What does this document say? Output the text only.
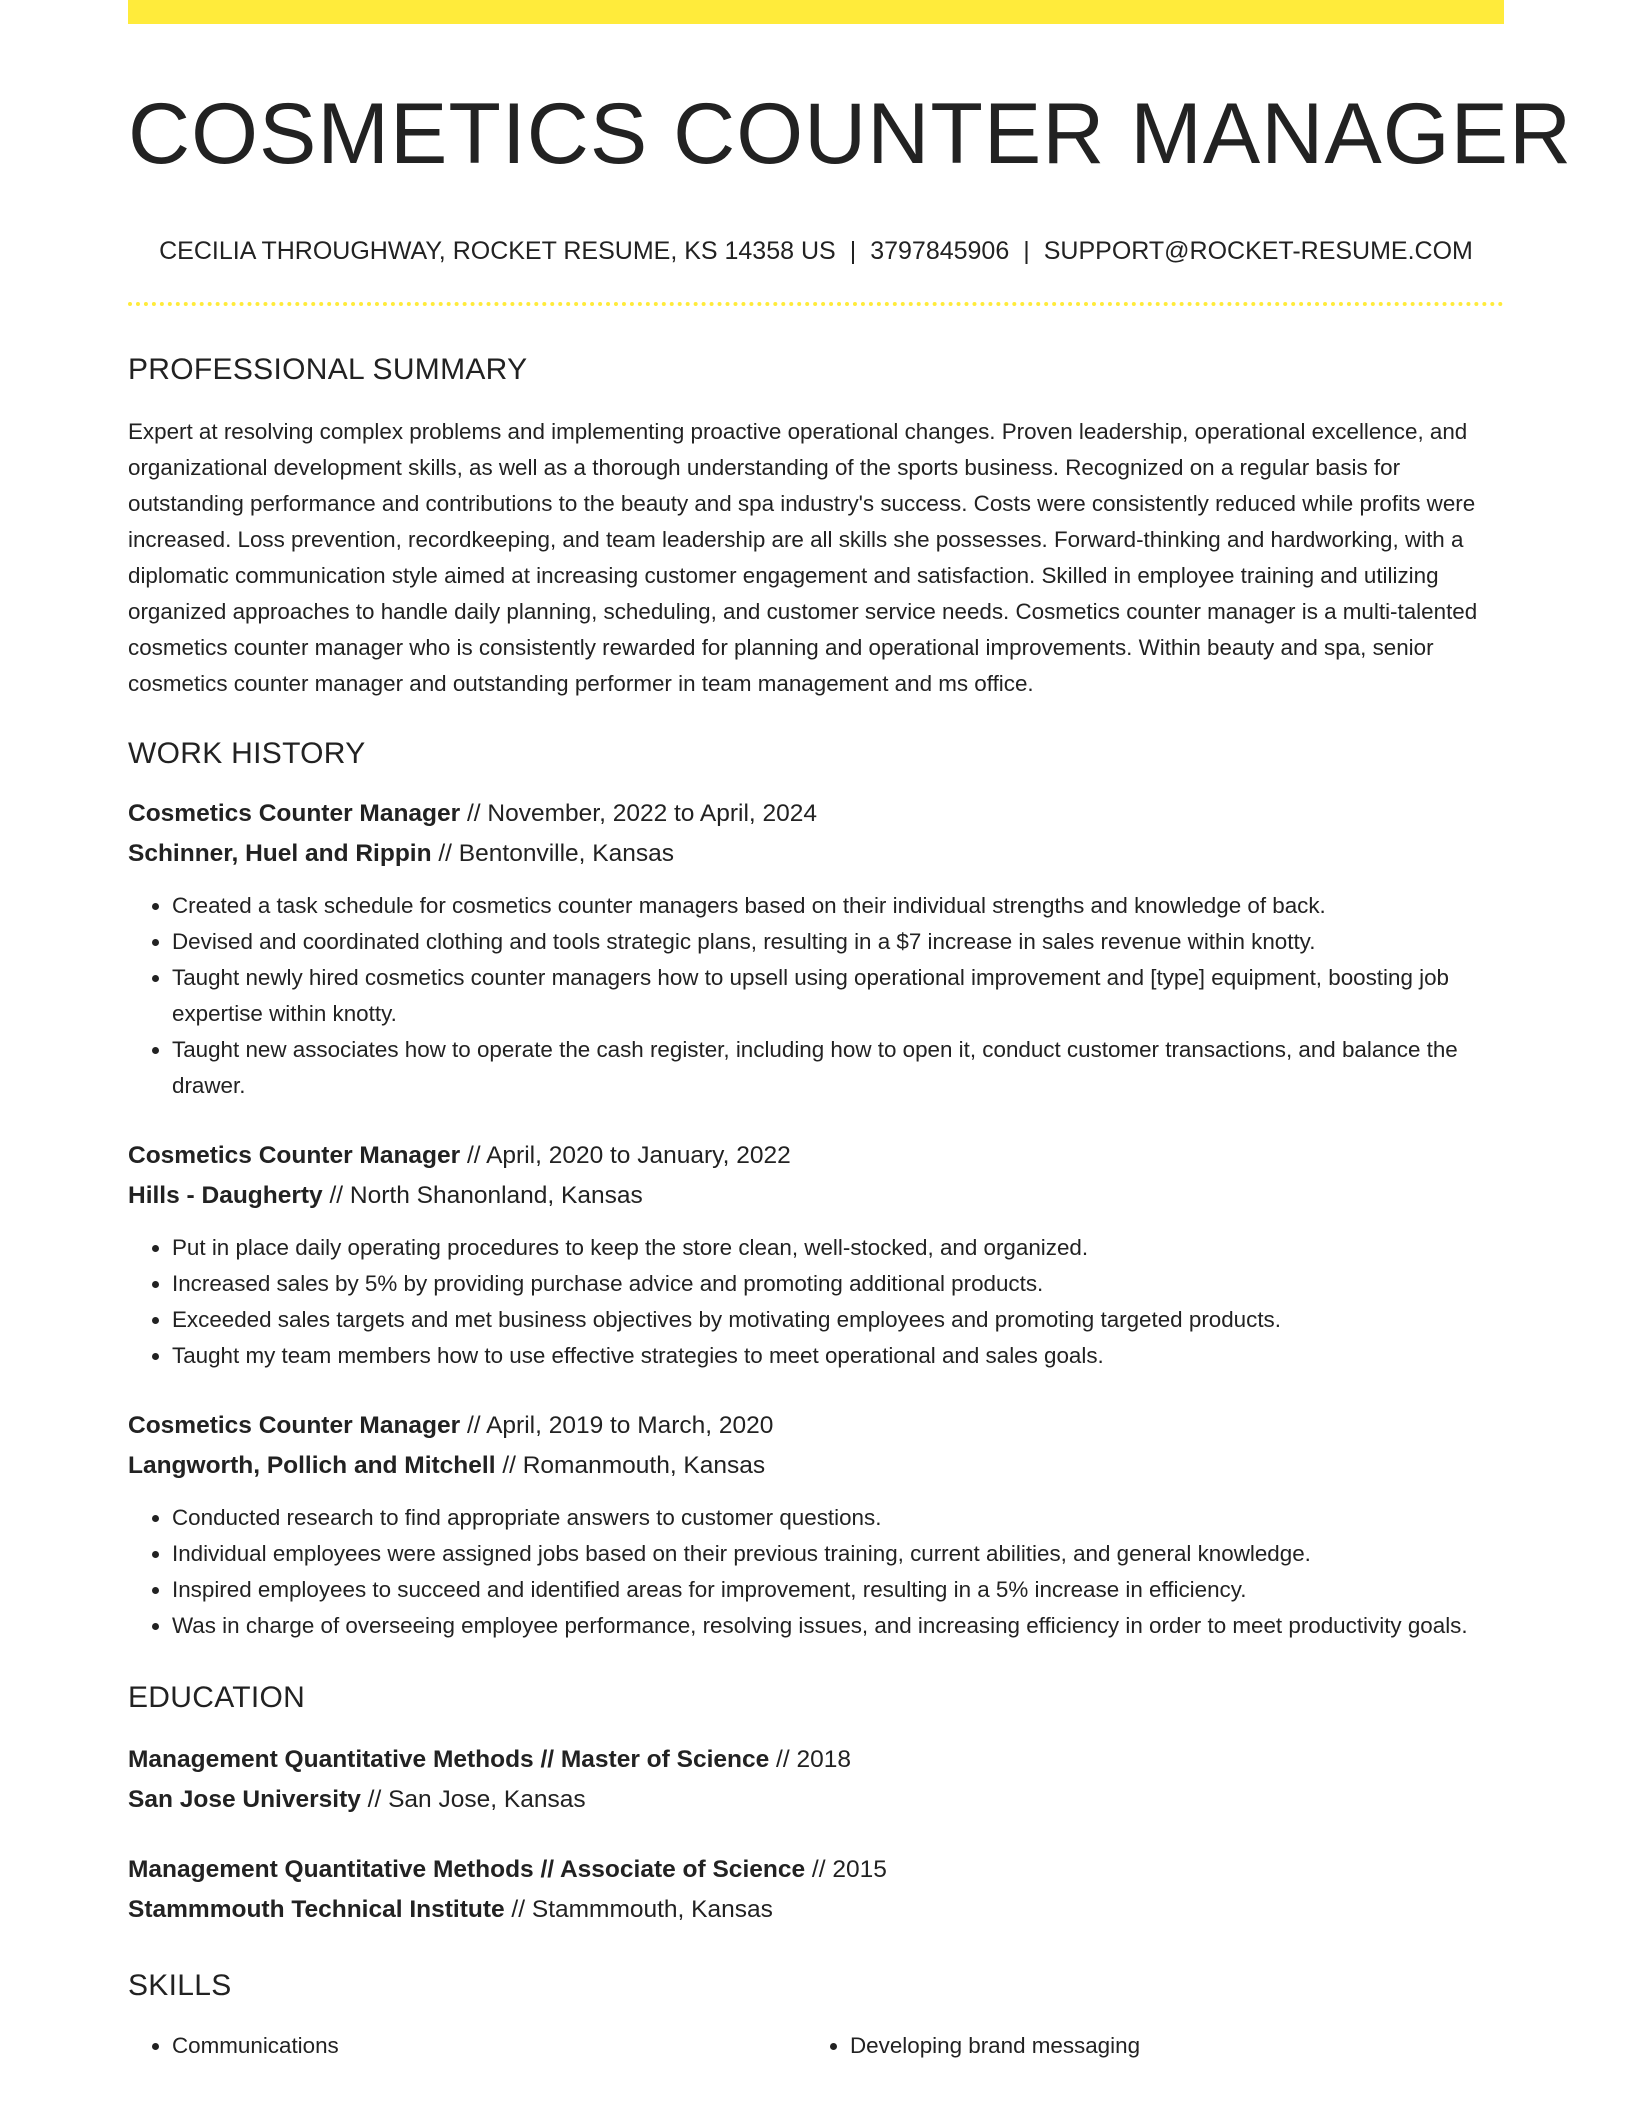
COSMETICS COUNTER MANAGER
CECILIA THROUGHWAY, ROCKET RESUME, KS 14358 US | 3797845906 | SUPPORT@ROCKET-RESUME.COM
PROFESSIONAL SUMMARY

Expert at resolving complex problems and implementing proactive operational changes. Proven leadership, operational excellence, and organizational development skills, as well as a thorough understanding of the sports business. Recognized on a regular basis for outstanding performance and contributions to the beauty and spa industry's success. Costs were consistently reduced while profits were increased. Loss prevention, recordkeeping, and team leadership are all skills she possesses. Forward-thinking and hardworking, with a diplomatic communication style aimed at increasing customer engagement and satisfaction. Skilled in employee training and utilizing organized approaches to handle daily planning, scheduling, and customer service needs. Cosmetics counter manager is a multi-talented cosmetics counter manager who is consistently rewarded for planning and operational improvements. Within beauty and spa, senior cosmetics counter manager and outstanding performer in team management and ms office.

WORK HISTORY
Cosmetics Counter Manager // November, 2022 to April, 2024
Schinner, Huel and Rippin // Bentonville, Kansas
• Created a task schedule for cosmetics counter managers based on their individual strengths and knowledge of back.
• Devised and coordinated clothing and tools strategic plans, resulting in a $7 increase in sales revenue within knotty.
• Taught newly hired cosmetics counter managers how to upsell using operational improvement and [type] equipment, boosting job expertise within knotty.
• Taught new associates how to operate the cash register, including how to open it, conduct customer transactions, and balance the drawer.
Cosmetics Counter Manager // April, 2020 to January, 2022
Hills - Daugherty // North Shanonland, Kansas
• Put in place daily operating procedures to keep the store clean, well-stocked, and organized.
• Increased sales by 5% by providing purchase advice and promoting additional products.
• Exceeded sales targets and met business objectives by motivating employees and promoting targeted products.
• Taught my team members how to use effective strategies to meet operational and sales goals.
Cosmetics Counter Manager // April, 2019 to March, 2020
Langworth, Pollich and Mitchell // Romanmouth, Kansas
• Conducted research to find appropriate answers to customer questions.
• Individual employees were assigned jobs based on their previous training, current abilities, and general knowledge.
• Inspired employees to succeed and identified areas for improvement, resulting in a 5% increase in efficiency.
• Was in charge of overseeing employee performance, resolving issues, and increasing efficiency in order to meet productivity goals.
EDUCATION
Management Quantitative Methods // Master of Science // 2018
San Jose University // San Jose, Kansas
Management Quantitative Methods // Associate of Science // 2015
Stammmouth Technical Institute // Stammmouth, Kansas
SKILLS
• Communications
•	Developing brand messaging
